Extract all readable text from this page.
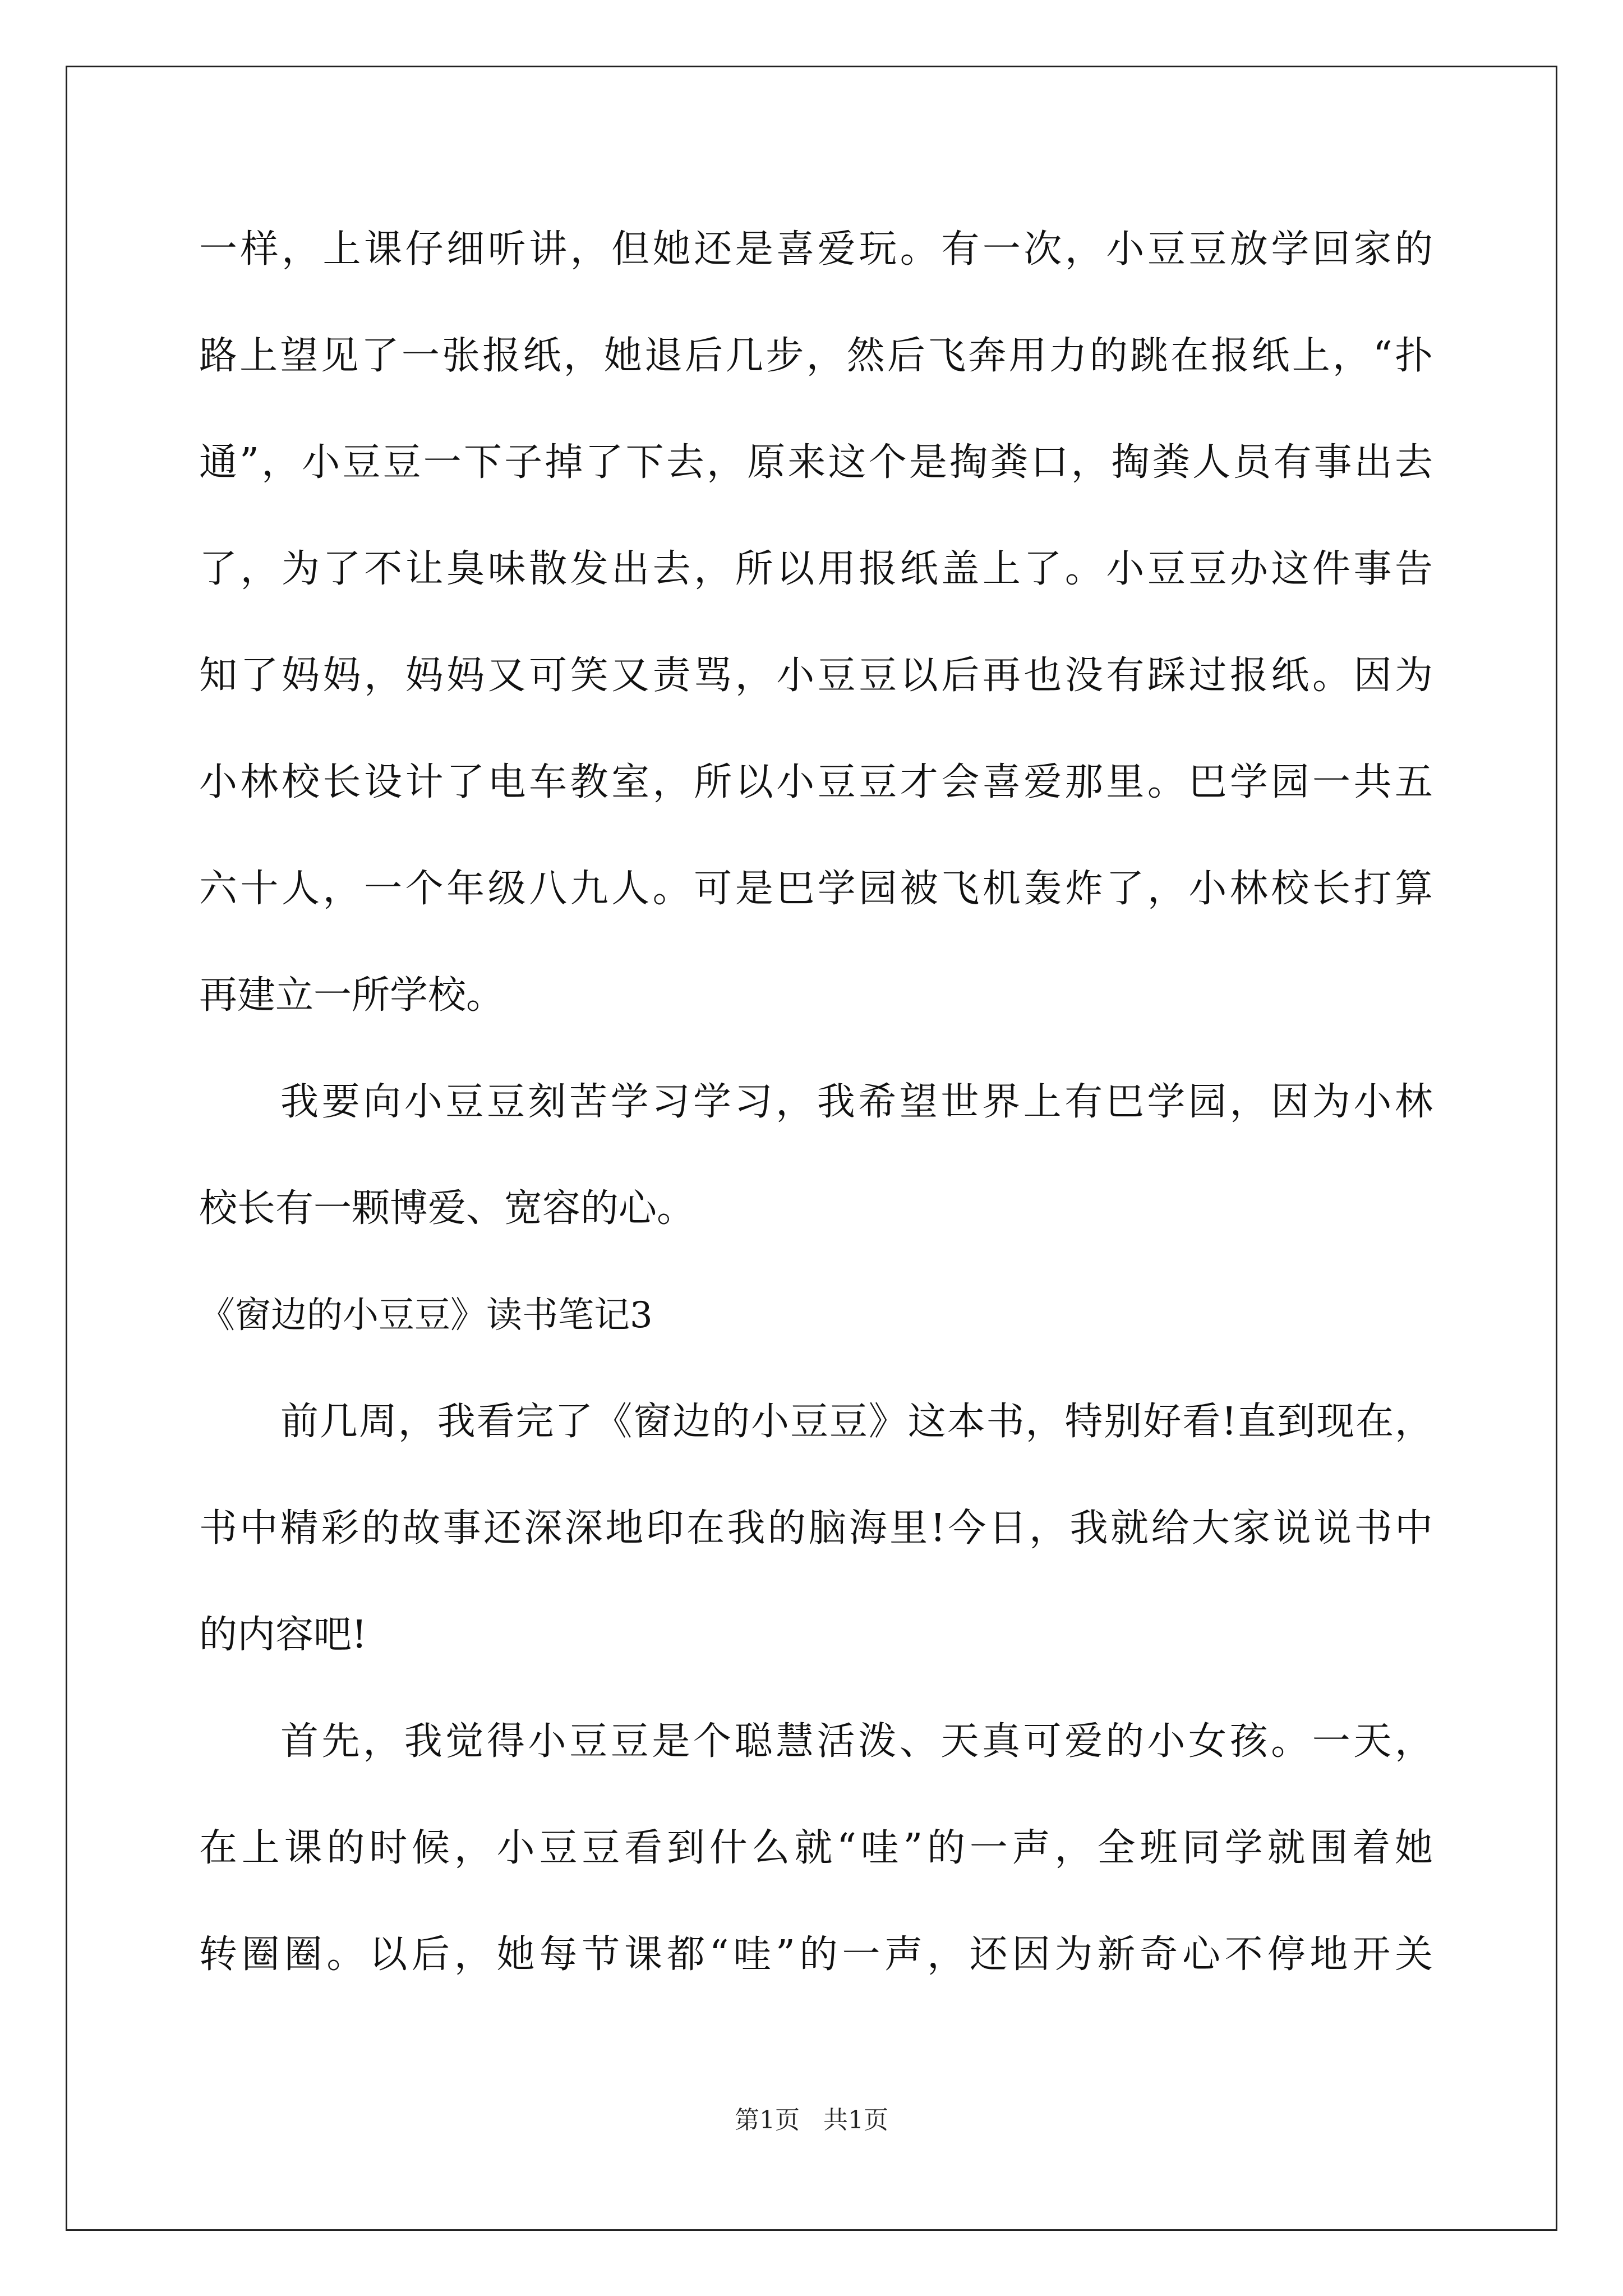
一样，上课仔细听讲，但她还是喜爱玩。有一次，小豆豆放学回家的
路上望见了一张报纸，她退后几步，然后飞奔用力的跳在报纸上，“扑
通”，小豆豆一下子掉了下去，原来这个是掏粪口，掏粪人员有事出去
了，为了不让臭味散发出去，所以用报纸盖上了。小豆豆办这件事告
知了妈妈，妈妈又可笑又责骂，小豆豆以后再也没有踩过报纸。因为
小林校长设计了电车教室，所以小豆豆才会喜爱那里。巴学园一共五
六十人，一个年级八九人。可是巴学园被飞机轰炸了，小林校长打算
再建立一所学校。
我要向小豆豆刻苦学习学习，我希望世界上有巴学园，因为小林
校长有一颗博爱、宽容的心。
《窗边的小豆豆》读书笔记3
前几周，我看完了《窗边的小豆豆》这本书，特别好看!直到现在，
书中精彩的故事还深深地印在我的脑海里!今日，我就给大家说说书中
的内容吧!
首先，我觉得小豆豆是个聪慧活泼、天真可爱的小女孩。一天，
在上课的时候，小豆豆看到什么就“哇”的一声，全班同学就围着她
转圈圈。以后，她每节课都“哇”的一声，还因为新奇心不停地开关
第1页   共1页
